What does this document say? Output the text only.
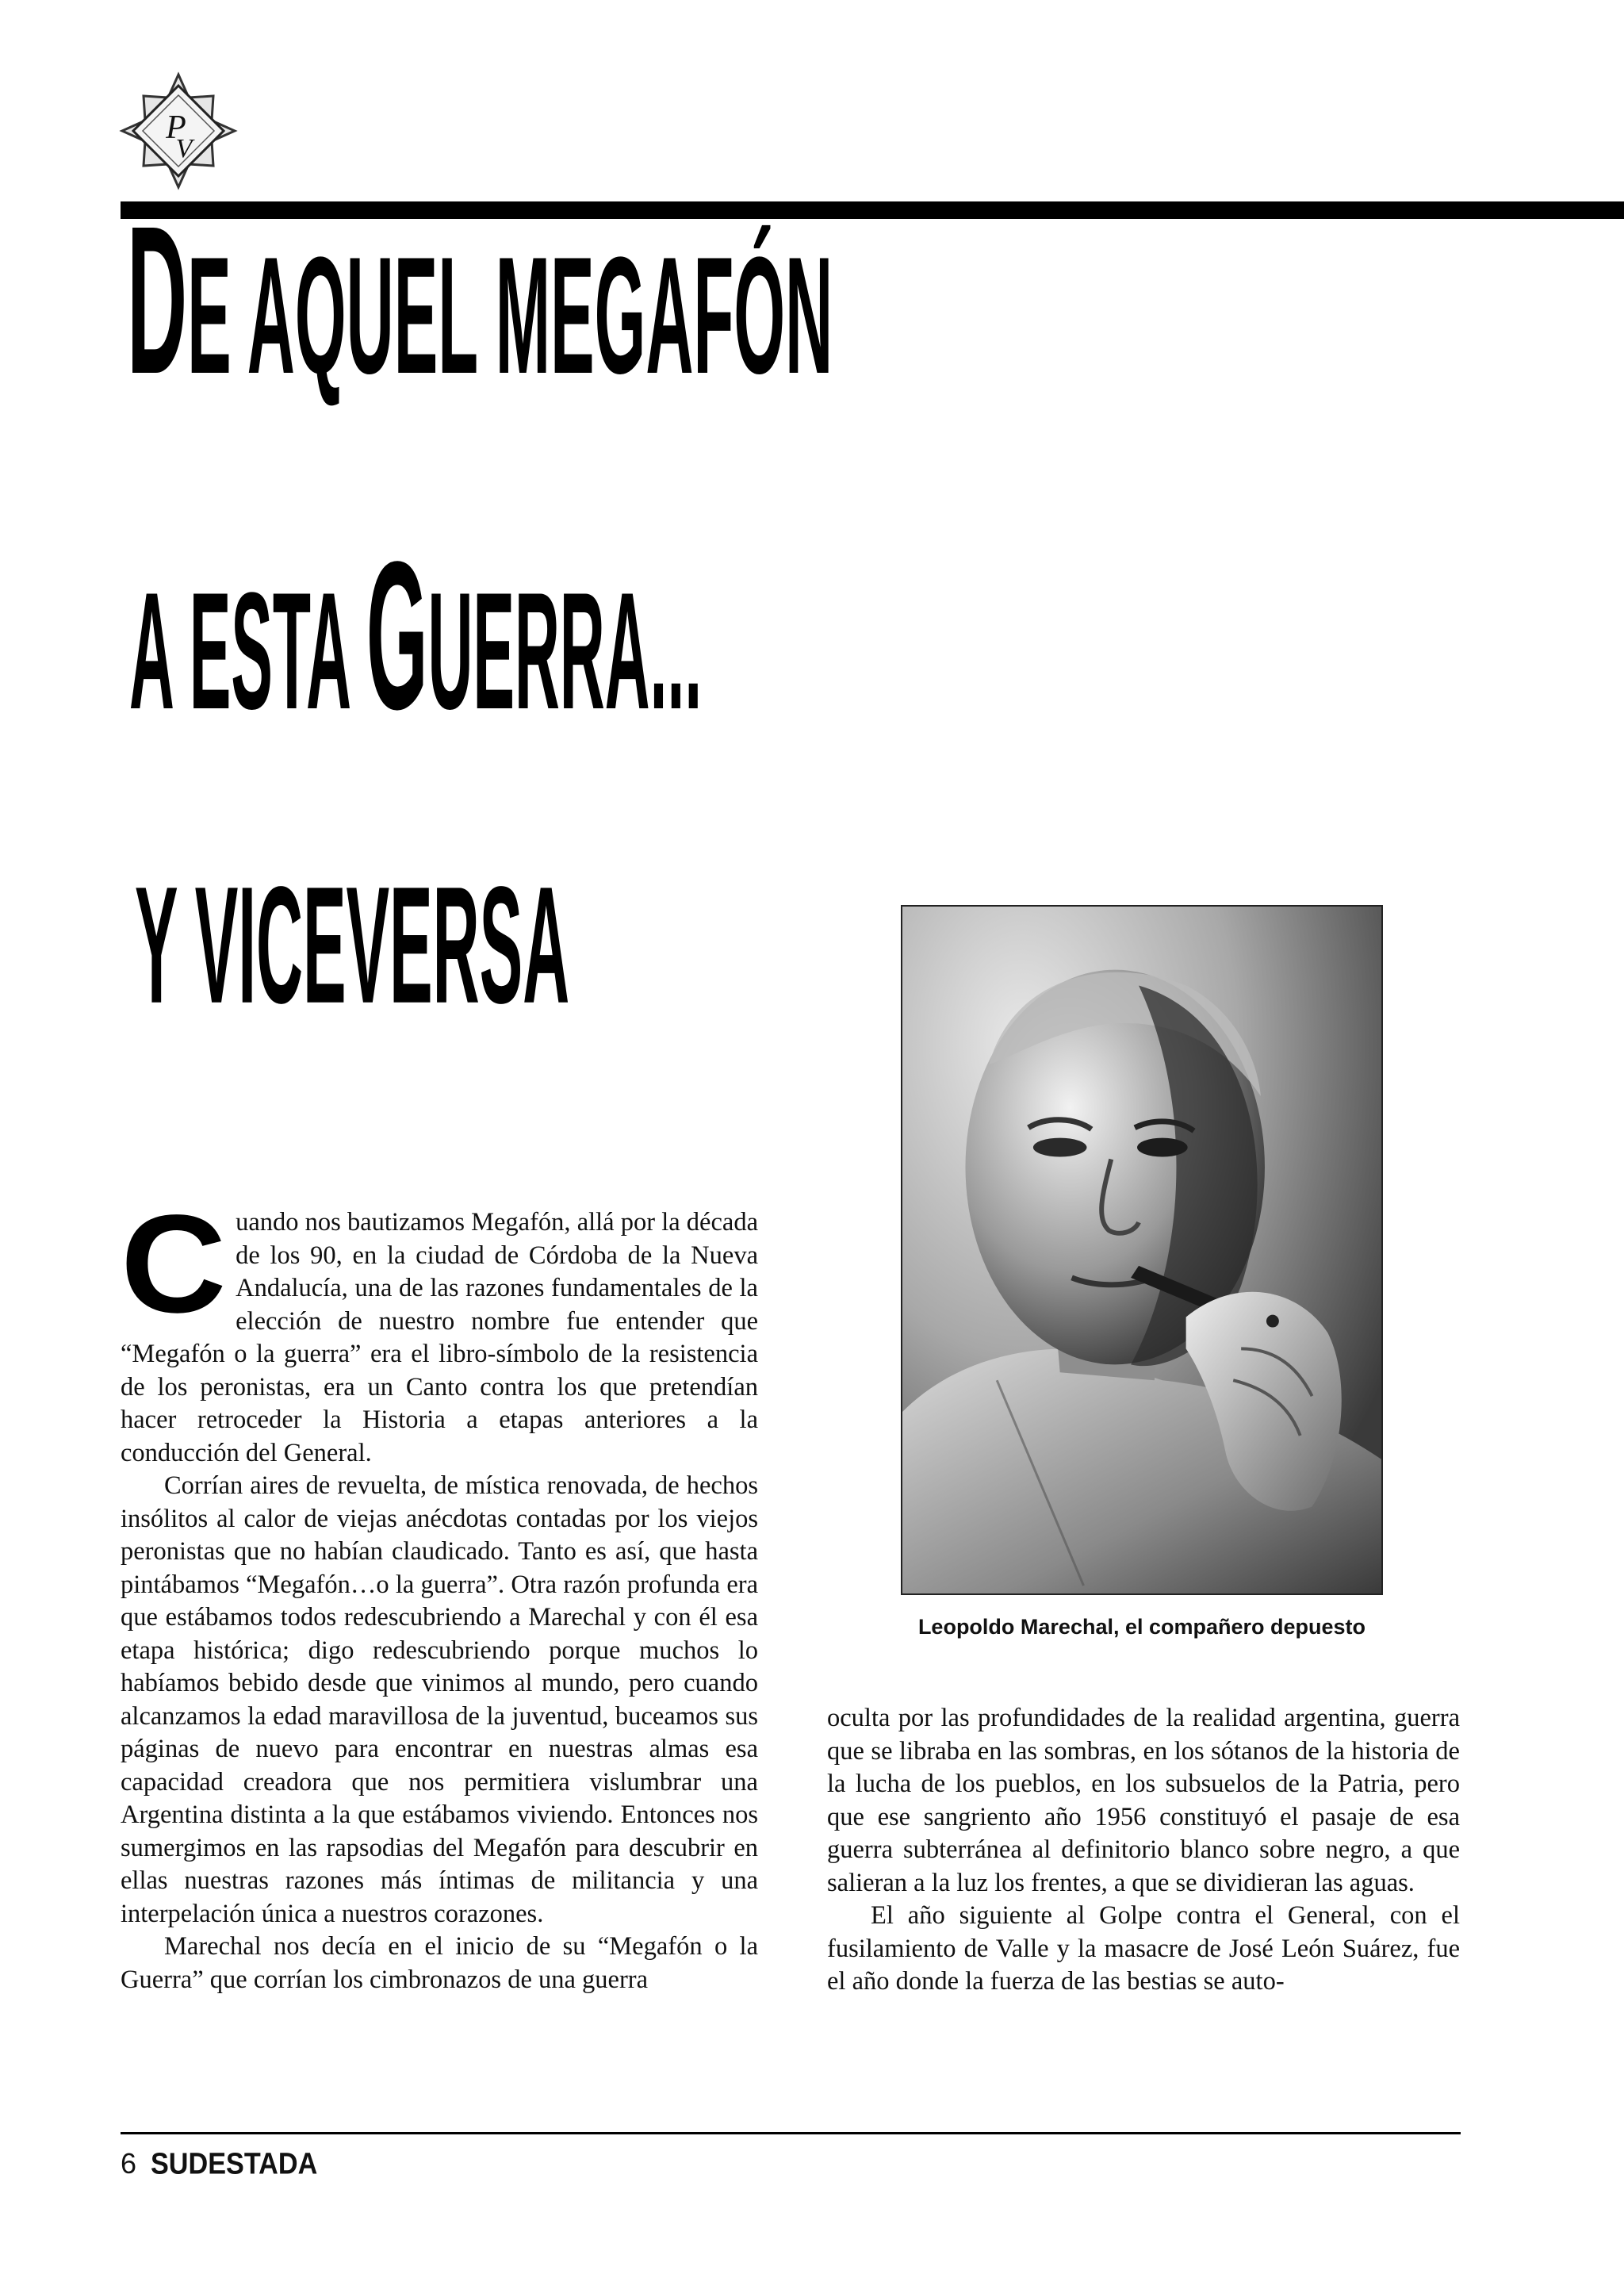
P
V
DE AQUEL MEGAFÓN
A ESTA GUERRA...
Y VICEVERSA
Leopoldo Marechal, el compañero depuesto

Cuando nos bautizamos Megafón, allá por la década de los 90, en la ciudad de Córdoba de la Nueva Andalucía, una de las razones fundamentales de la elección de nuestro nombre fue entender que “Megafón o la guerra” era el libro-símbolo de la resistencia de los peronistas, era un Canto contra los que pretendían hacer retroceder la Historia a etapas anteriores a la conducción del General.

Corrían aires de revuelta, de mística renovada, de hechos insólitos al calor de viejas anécdotas contadas por los viejos peronistas que no habían claudicado. Tanto es así, que hasta pintábamos “Megafón…o la guerra”. Otra razón profunda era que estábamos todos redescubriendo a Marechal y con él esa etapa histórica; digo redescubriendo porque muchos lo habíamos bebido desde que vinimos al mundo, pero cuando alcanzamos la edad maravillosa de la juventud, buceamos sus páginas de nuevo para encontrar en nuestras almas esa capacidad creadora que nos permitiera vislumbrar una Argentina distinta a la que estábamos viviendo. Entonces nos sumergimos en las rapsodias del Megafón para descubrir en ellas nuestras razones más íntimas de militancia y una interpelación única a nuestros corazones.

Marechal nos decía en el inicio de su “Megafón o la Guerra” que corrían los cimbronazos de una guerra

oculta por las profundidades de la realidad argentina, guerra que se libraba en las sombras, en los sótanos de la historia de la lucha de los pueblos, en los subsuelos de la Patria, pero que ese sangriento año 1956 constituyó el pasaje de esa guerra subterránea al definitorio blanco sobre negro, a que salieran a la luz los frentes, a que se dividieran las aguas.

El año siguiente al Golpe contra el General, con el fusilamiento de Valle y la masacre de José León Suárez, fue el año donde la fuerza de las bestias se auto-

6 SUDESTADA
